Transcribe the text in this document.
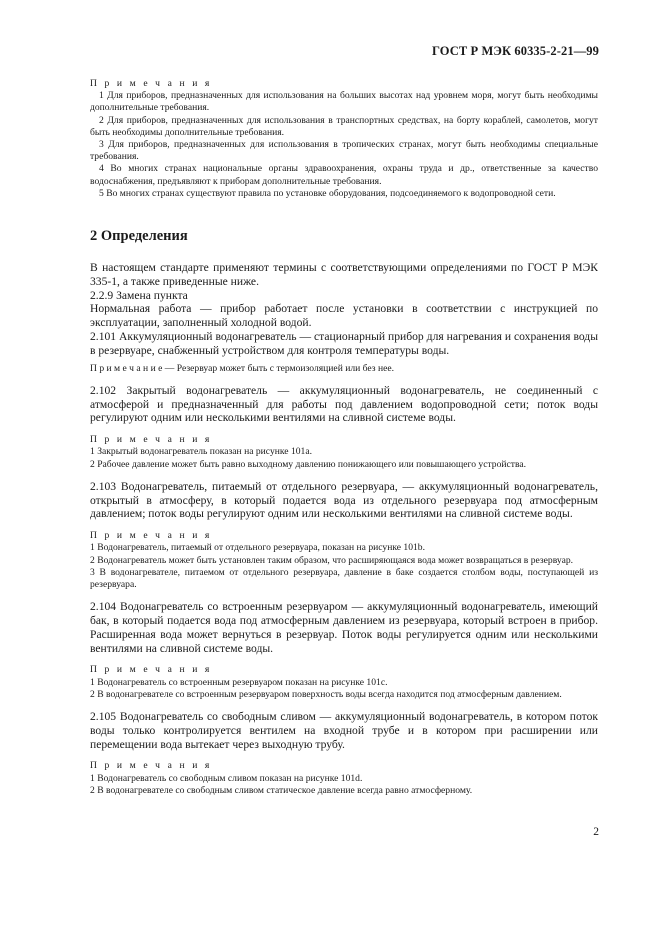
ГОСТ Р МЭК 60335-2-21—99

П р и м е ч а н и я

1 Для приборов, предназначенных для использования на больших высотах над уровнем моря, могут быть необходимы дополнительные требования.

2 Для приборов, предназначенных для использования в транспортных средствах, на борту кораблей, самолетов, могут быть необходимы дополнительные требования.

3 Для приборов, предназначенных для использования в тропических странах, могут быть необходимы специальные требования.

4 Во многих странах национальные органы здравоохранения, охраны труда и др., ответственные за качество водоснабжения, предъявляют к приборам дополнительные требования.

5 Во многих странах существуют правила по установке оборудования, подсоединяемого к водопроводной сети.

2 Определения

В настоящем стандарте применяют термины с соответствующими определениями по ГОСТ Р МЭК 335-1, а также приведенные ниже.

2.2.9 Замена пункта

Нормальная работа — прибор работает после установки в соответствии с инструкцией по эксплуатации, заполненный холодной водой.

2.101 Аккумуляционный водонагреватель — стационарный прибор для нагревания и сохранения воды в резервуаре, снабженный устройством для контроля температуры воды.

П р и м е ч а н и е — Резервуар может быть с термоизоляцией или без нее.

2.102 Закрытый водонагреватель — аккумуляционный водонагреватель, не соединенный с атмосферой и предназначенный для работы под давлением водопроводной сети; поток воды регулируют одним или несколькими вентилями на сливной системе воды.

П р и м е ч а н и я

1 Закрытый водонагреватель показан на рисунке 101a.

2 Рабочее давление может быть равно выходному давлению понижающего или повышающего устройства.

2.103 Водонагреватель, питаемый от отдельного резервуара, — аккумуляционный водонагреватель, открытый в атмосферу, в который подается вода из отдельного резервуара под атмосферным давлением; поток воды регулируют одним или несколькими вентилями на сливной системе воды.

П р и м е ч а н и я

1 Водонагреватель, питаемый от отдельного резервуара, показан на рисунке 101b.

2 Водонагреватель может быть установлен таким образом, что расширяющаяся вода может возвращаться в резервуар.

3 В водонагревателе, питаемом от отдельного резервуара, давление в баке создается столбом воды, поступающей из резервуара.

2.104 Водонагреватель со встроенным резервуаром — аккумуляционный водонагреватель, имеющий бак, в который подается вода под атмосферным давлением из резервуара, который встроен в прибор. Расширенная вода может вернуться в резервуар. Поток воды регулируется одним или несколькими вентилями на сливной системе воды.

П р и м е ч а н и я

1 Водонагреватель со встроенным резервуаром показан на рисунке 101c.

2 В водонагревателе со встроенным резервуаром поверхность воды всегда находится под атмосферным давлением.

2.105 Водонагреватель со свободным сливом — аккумуляционный водонагреватель, в котором поток воды только контролируется вентилем на входной трубе и в котором при расширении или перемещении вода вытекает через выходную трубу.

П р и м е ч а н и я

1 Водонагреватель со свободным сливом показан на рисунке 101d.

2 В водонагревателе со свободным сливом статическое давление всегда равно атмосферному.

2
